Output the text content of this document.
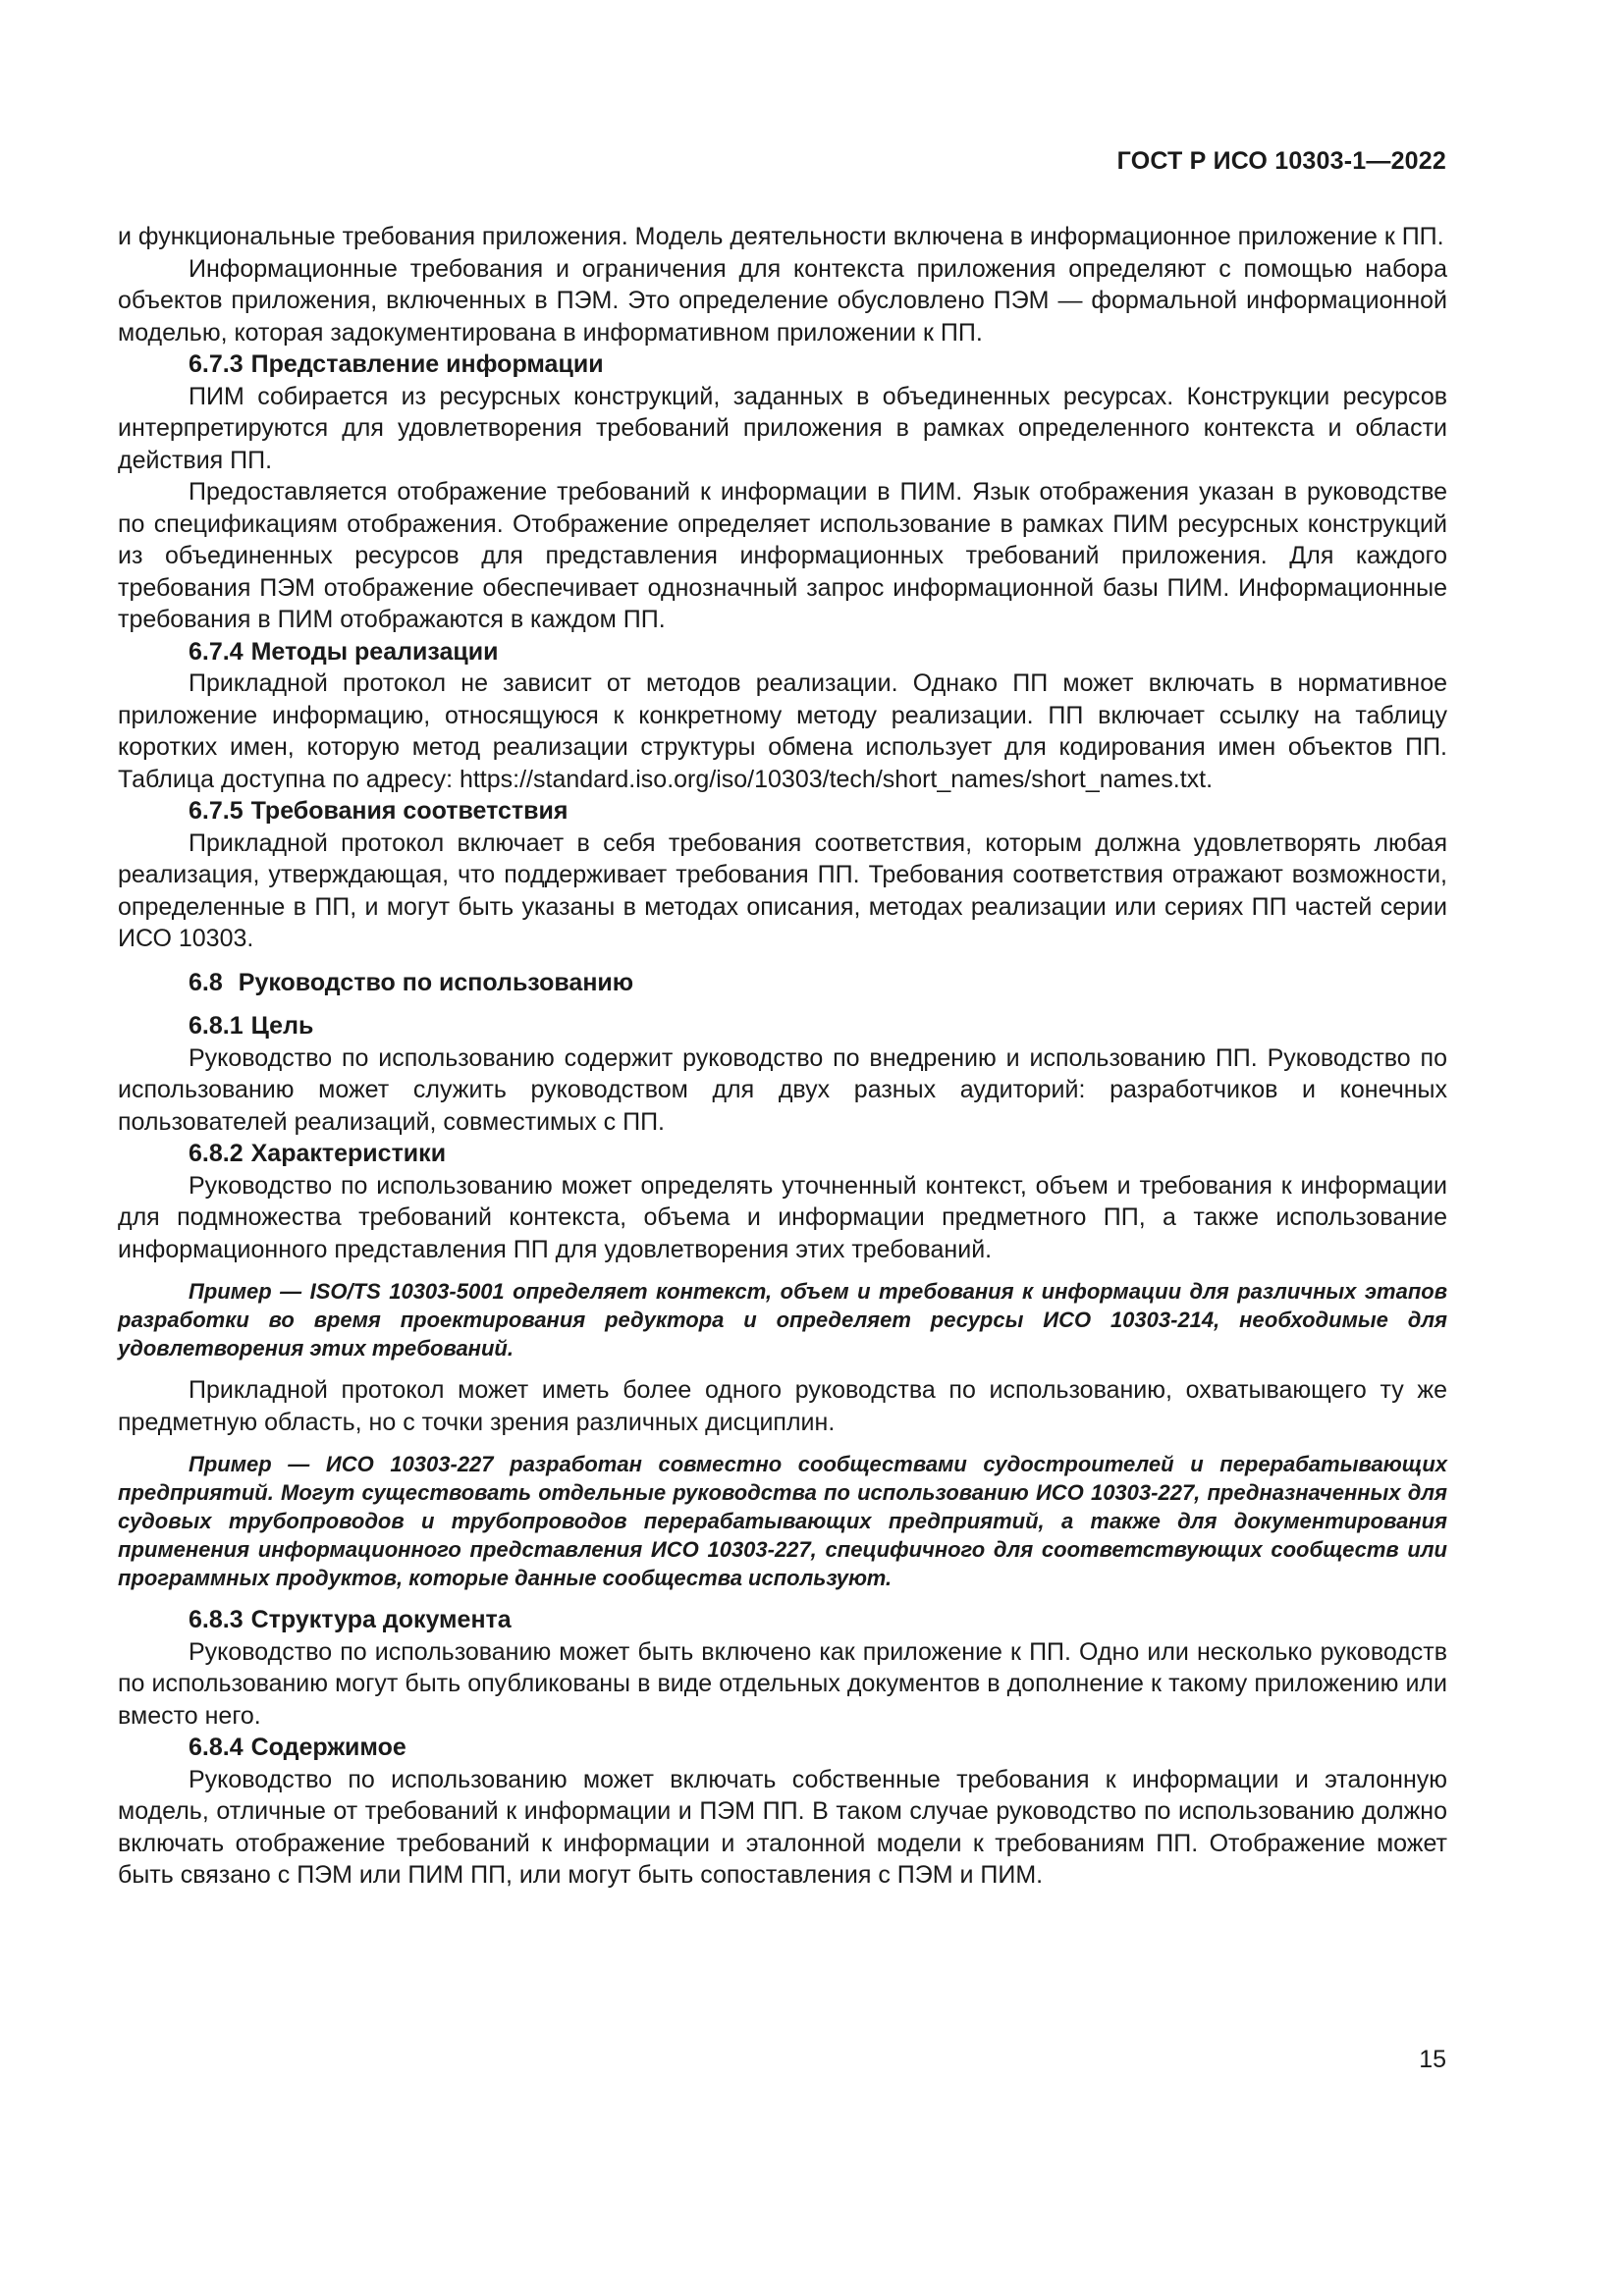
ГОСТ Р ИСО 10303-1—2022

и функциональные требования приложения. Модель деятельности включена в информационное приложение к ПП.

Информационные требования и ограничения для контекста приложения определяют с помощью набора объектов приложения, включенных в ПЭМ. Это определение обусловлено ПЭМ — формальной информационной моделью, которая задокументирована в информативном приложении к ПП.

6.7.3 Представление информации

ПИМ собирается из ресурсных конструкций, заданных в объединенных ресурсах. Конструкции ресурсов интерпретируются для удовлетворения требований приложения в рамках определенного контекста и области действия ПП.

Предоставляется отображение требований к информации в ПИМ. Язык отображения указан в руководстве по спецификациям отображения. Отображение определяет использование в рамках ПИМ ресурсных конструкций из объединенных ресурсов для представления информационных требований приложения. Для каждого требования ПЭМ отображение обеспечивает однозначный запрос информационной базы ПИМ. Информационные требования в ПИМ отображаются в каждом ПП.

6.7.4 Методы реализации

Прикладной протокол не зависит от методов реализации. Однако ПП может включать в нормативное приложение информацию, относящуюся к конкретному методу реализации. ПП включает ссылку на таблицу коротких имен, которую метод реализации структуры обмена использует для кодирования имен объектов ПП. Таблица доступна по адресу: https://standard.iso.org/iso/10303/tech/short_names/short_names.txt.

6.7.5 Требования соответствия

Прикладной протокол включает в себя требования соответствия, которым должна удовлетворять любая реализация, утверждающая, что поддерживает требования ПП. Требования соответствия отражают возможности, определенные в ПП, и могут быть указаны в методах описания, методах реализации или сериях ПП частей серии ИСО 10303.

6.8 Руководство по использованию
6.8.1 Цель

Руководство по использованию содержит руководство по внедрению и использованию ПП. Руководство по использованию может служить руководством для двух разных аудиторий: разработчиков и конечных пользователей реализаций, совместимых с ПП.

6.8.2 Характеристики

Руководство по использованию может определять уточненный контекст, объем и требования к информации для подмножества требований контекста, объема и информации предметного ПП, а также использование информационного представления ПП для удовлетворения этих требований.

Пример — ISO/TS 10303-5001 определяет контекст, объем и требования к информации для различных этапов разработки во время проектирования редуктора и определяет ресурсы ИСО 10303-214, необходимые для удовлетворения этих требований.

Прикладной протокол может иметь более одного руководства по использованию, охватывающего ту же предметную область, но с точки зрения различных дисциплин.

Пример — ИСО 10303-227 разработан совместно сообществами судостроителей и перерабатывающих предприятий. Могут существовать отдельные руководства по использованию ИСО 10303-227, предназначенных для судовых трубопроводов и трубопроводов перерабатывающих предприятий, а также для документирования применения информационного представления ИСО 10303-227, специфичного для соответствующих сообществ или программных продуктов, которые данные сообщества используют.

6.8.3 Структура документа

Руководство по использованию может быть включено как приложение к ПП. Одно или несколько руководств по использованию могут быть опубликованы в виде отдельных документов в дополнение к такому приложению или вместо него.

6.8.4 Содержимое

Руководство по использованию может включать собственные требования к информации и эталонную модель, отличные от требований к информации и ПЭМ ПП. В таком случае руководство по использованию должно включать отображение требований к информации и эталонной модели к требованиям ПП. Отображение может быть связано с ПЭМ или ПИМ ПП, или могут быть сопоставления с ПЭМ и ПИМ.

15
